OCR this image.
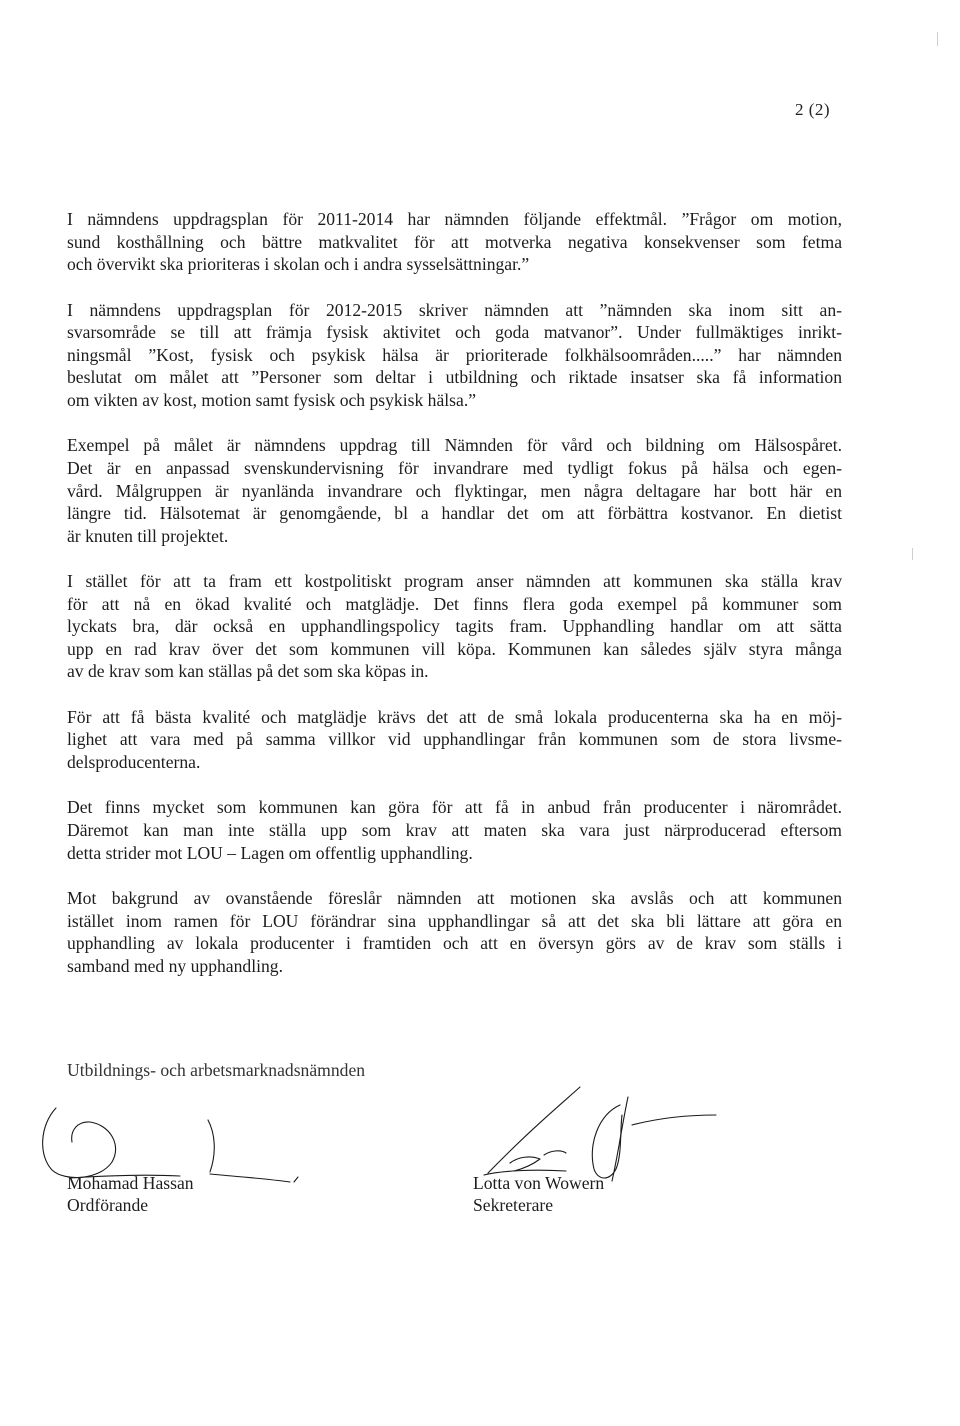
2 (2)

I nämndens uppdragsplan för 2011-2014 har nämnden följande effektmål. ”Frågor om motion,
sund kosthållning och bättre matkvalitet för att motverka negativa konsekvenser som fetma
och övervikt ska prioriteras i skolan och i andra sysselsättningar.”

I nämndens uppdragsplan för 2012-2015 skriver nämnden att ”nämnden ska inom sitt an-
svarsområde se till att främja fysisk aktivitet och goda matvanor”. Under fullmäktiges inrikt-
ningsmål ”Kost, fysisk och psykisk hälsa är prioriterade folkhälsoområden.....” har nämnden
beslutat om målet att ”Personer som deltar i utbildning och riktade insatser ska få information
om vikten av kost, motion samt fysisk och psykisk hälsa.”

Exempel på målet är nämndens uppdrag till Nämnden för vård och bildning om Hälsospåret.
Det är en anpassad svenskundervisning för invandrare med tydligt fokus på hälsa och egen-
vård. Målgruppen är nyanlända invandrare och flyktingar, men några deltagare har bott här en
längre tid. Hälsotemat är genomgående, bl a handlar det om att förbättra kostvanor. En dietist
är knuten till projektet.

I stället för att ta fram ett kostpolitiskt program anser nämnden att kommunen ska ställa krav
för att nå en ökad kvalité och matglädje. Det finns flera goda exempel på kommuner som
lyckats bra, där också en upphandlingspolicy tagits fram. Upphandling handlar om att sätta
upp en rad krav över det som kommunen vill köpa. Kommunen kan således själv styra många
av de krav som kan ställas på det som ska köpas in.

För att få bästa kvalité och matglädje krävs det att de små lokala producenterna ska ha en möj-
lighet att vara med på samma villkor vid upphandlingar från kommunen som de stora livsme-
delsproducenterna.

Det finns mycket som kommunen kan göra för att få in anbud från producenter i närområdet.
Däremot kan man inte ställa upp som krav att maten ska vara just närproducerad eftersom
detta strider mot LOU – Lagen om offentlig upphandling.

Mot bakgrund av ovanstående föreslår nämnden att motionen ska avslås och att kommunen
istället inom ramen för LOU förändrar sina upphandlingar så att det ska bli lättare att göra en
upphandling av lokala producenter i framtiden och att en översyn görs av de krav som ställs i
samband med ny upphandling.

Utbildnings- och arbetsmarknadsnämnden
Mohamad Hassan
Ordförande
Lotta von Wowern
Sekreterare
